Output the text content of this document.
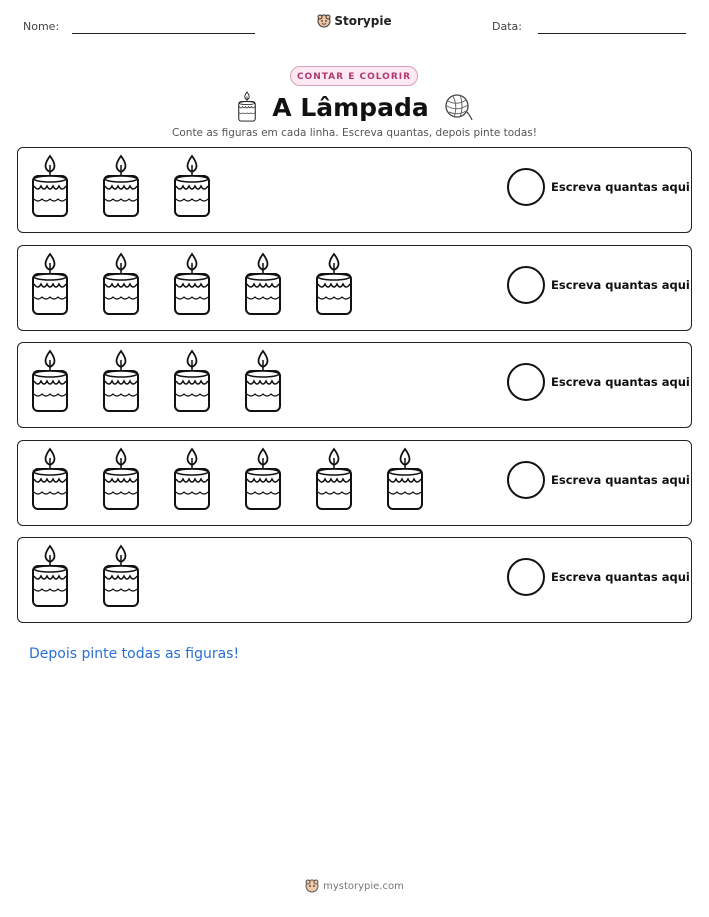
Nome:	Storypie	Data:
CONTAR E COLORIR
A Lâmpada
Conte as figuras em cada linha. Escreva quantas, depois pinte todas!
Escreva quantas aqui
Escreva quantas aqui
Escreva quantas aqui
Escreva quantas aqui
Escreva quantas aqui
Depois pinte todas as figuras!
mystorypie.com
